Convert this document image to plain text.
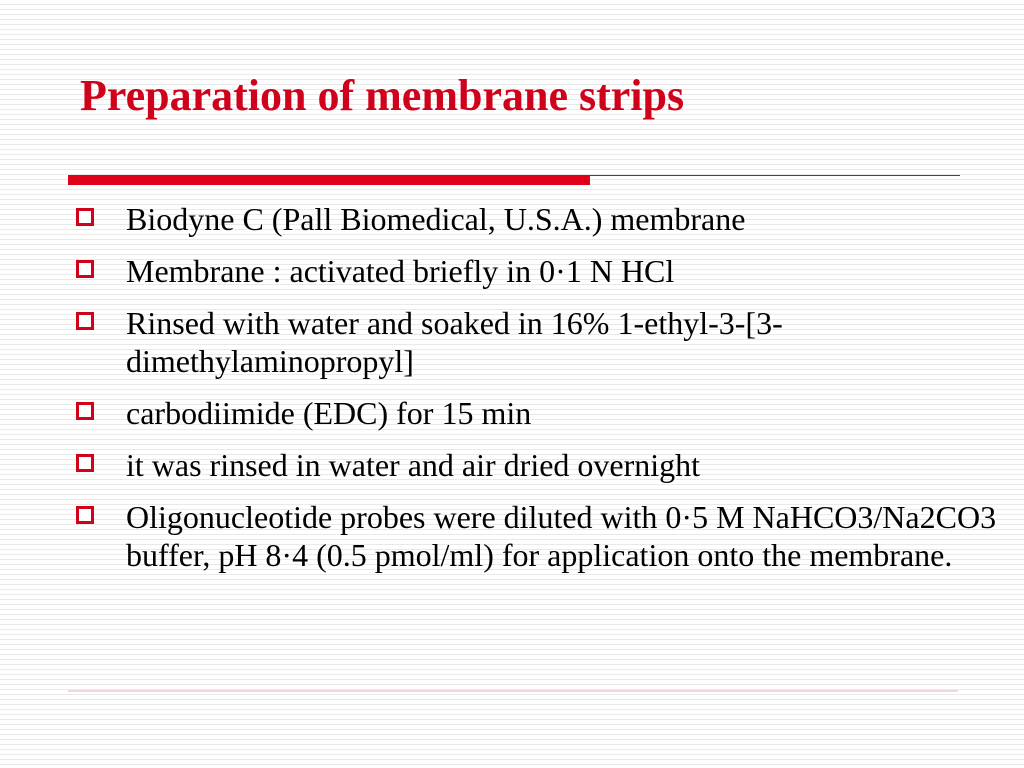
Preparation of membrane strips
Biodyne C (Pall Biomedical, U.S.A.) membrane
Membrane : activated briefly in 0·1 N HCl
Rinsed with water and soaked in 16% 1-ethyl-3-[3-dimethylaminopropyl]
carbodiimide (EDC) for 15 min
it was rinsed in water and air dried overnight
Oligonucleotide probes were diluted with 0·5 M NaHCO3/Na2CO3 buffer, pH 8·4 (0.5 pmol/ml) for application onto the membrane.
